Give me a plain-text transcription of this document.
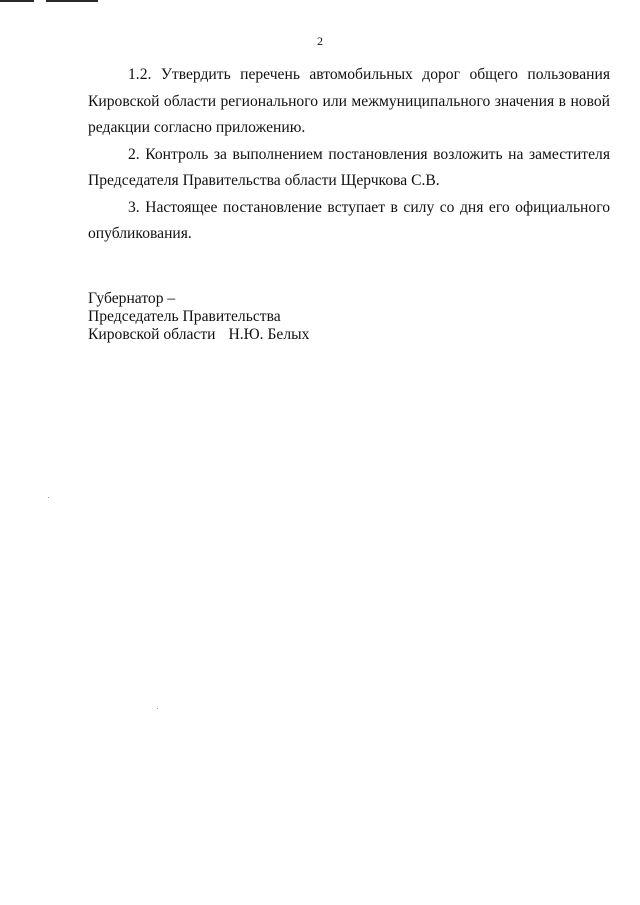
2

1.2. Утвердить перечень автомобильных дорог общего пользования Кировской области регионального или межмуниципального значения в новой редакции согласно приложению.

2. Контроль за выполнением постановления возложить на заместителя Председателя Правительства области Щерчкова С.В.

3. Настоящее постановление вступает в силу со дня его официального опубликования.

Губернатор –
Председатель Правительства
Кировской области Н.Ю. Белых
